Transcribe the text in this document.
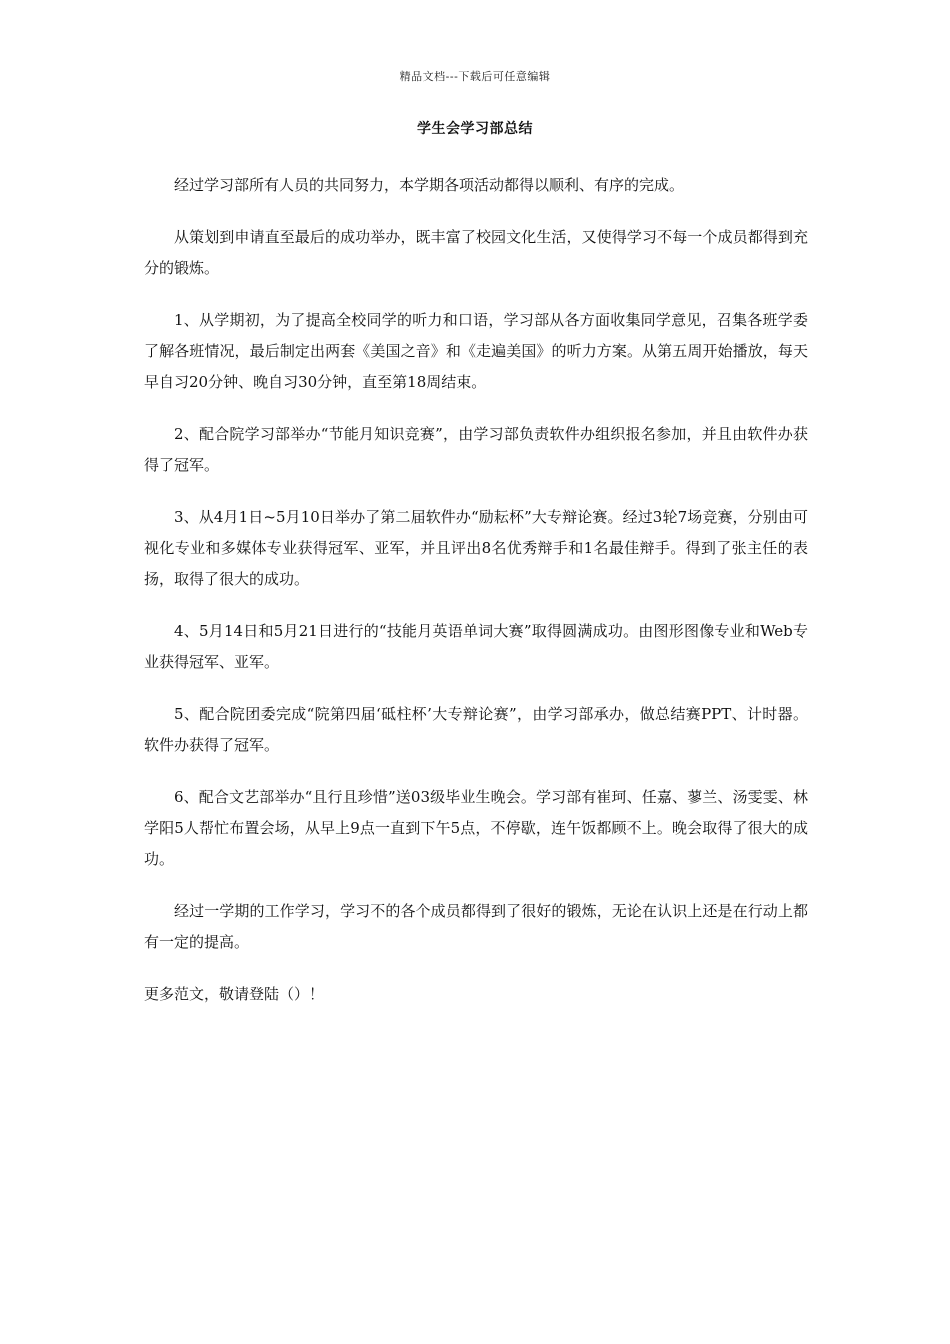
精品文档---下载后可任意编辑
学生会学习部总结

经过学习部所有人员的共同努力，本学期各项活动都得以顺利、有序的完成。

从策划到申请直至最后的成功举办，既丰富了校园文化生活，又使得学习不每一个成员都得到充分的锻炼。

1、从学期初，为了提高全校同学的听力和口语，学习部从各方面收集同学意见，召集各班学委了解各班情况，最后制定出两套《美国之音》和《走遍美国》的听力方案。从第五周开始播放，每天早自习20分钟、晚自习30分钟，直至第18周结束。

2、配合院学习部举办“节能月知识竞赛”，由学习部负责软件办组织报名参加，并且由软件办获得了冠军。

3、从4月1日~5月10日举办了第二届软件办“励耘杯”大专辩论赛。经过3轮7场竞赛，分别由可视化专业和多媒体专业获得冠军、亚军，并且评出8名优秀辩手和1名最佳辩手。得到了张主任的表扬，取得了很大的成功。

4、5月14日和5月21日进行的“技能月英语单词大赛”取得圆满成功。由图形图像专业和Web专业获得冠军、亚军。

5、配合院团委完成“院第四届‘砥柱杯’大专辩论赛”，由学习部承办，做总结赛PPT、计时器。软件办获得了冠军。

6、配合文艺部举办“且行且珍惜”送03级毕业生晚会。学习部有崔珂、任嘉、蓼兰、汤雯雯、林学阳5人帮忙布置会场，从早上9点一直到下午5点，不停歇，连午饭都顾不上。晚会取得了很大的成功。

经过一学期的工作学习，学习不的各个成员都得到了很好的锻炼，无论在认识上还是在行动上都有一定的提高。

更多范文，敬请登陆（）！
